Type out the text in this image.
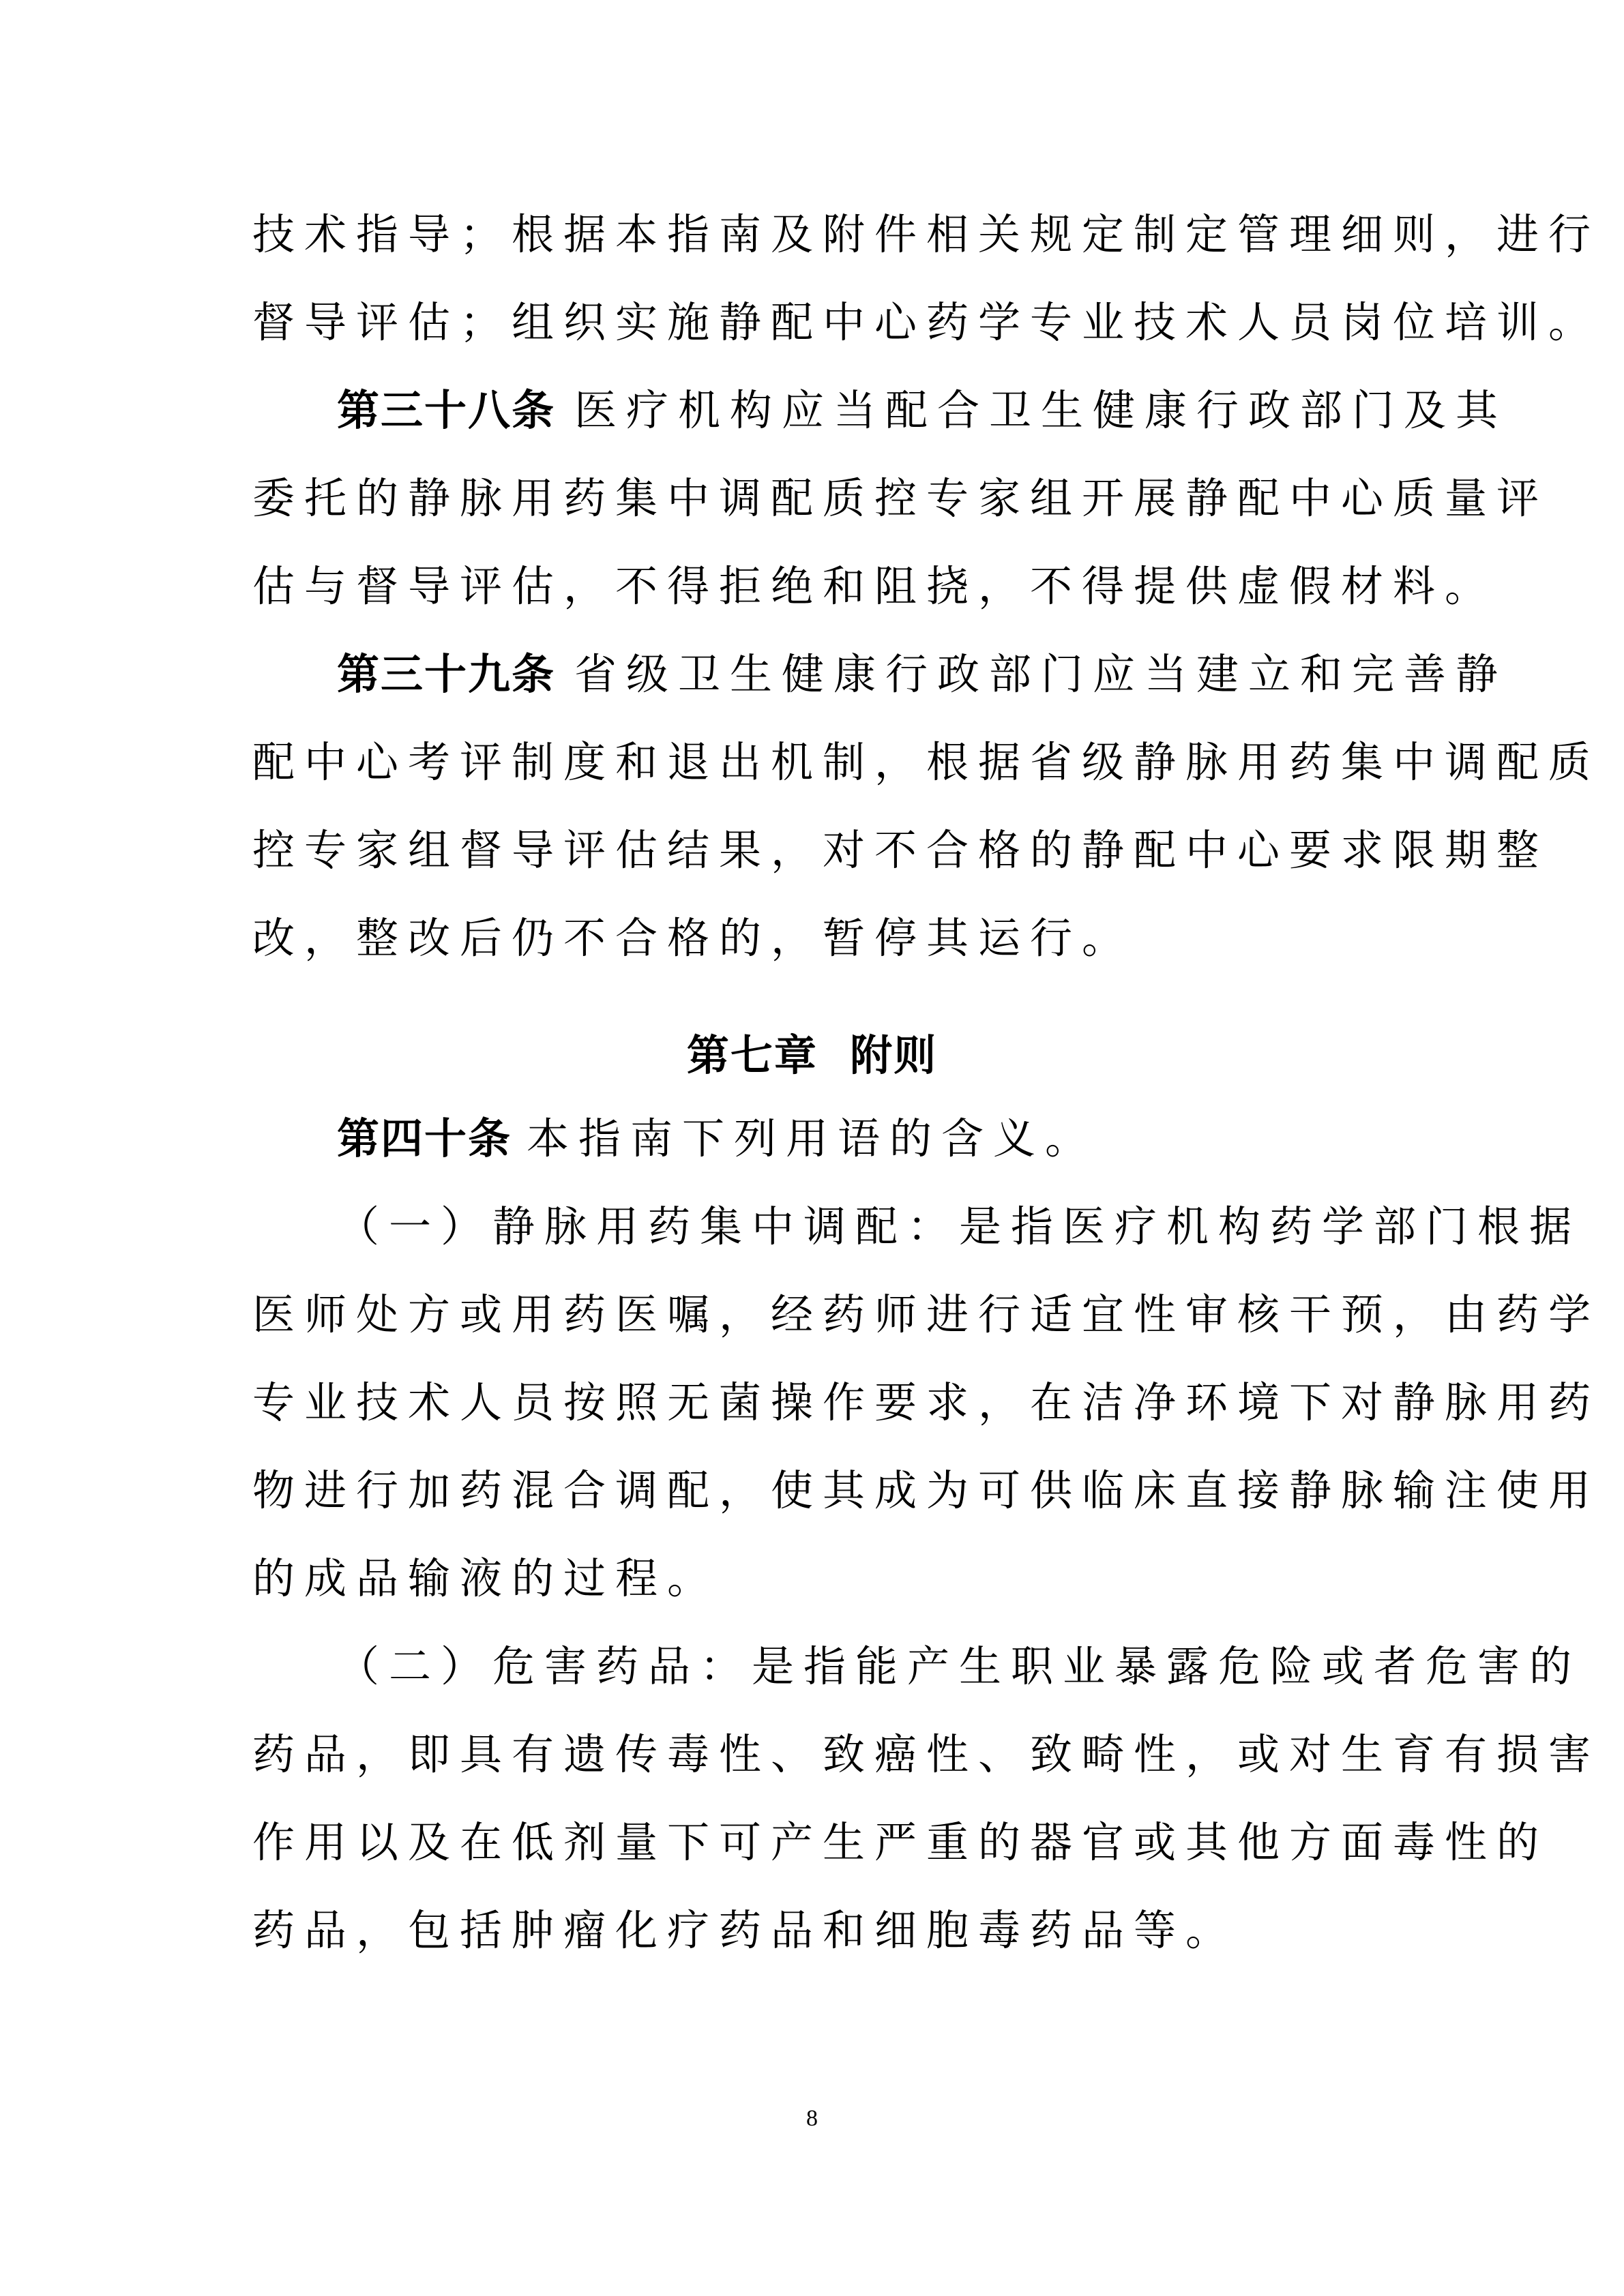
技术指导；根据本指南及附件相关规定制定管理细则，进行
督导评估；组织实施静配中心药学专业技术人员岗位培训。
第三十八条 医疗机构应当配合卫生健康行政部门及其
委托的静脉用药集中调配质控专家组开展静配中心质量评
估与督导评估，不得拒绝和阻挠，不得提供虚假材料。
第三十九条 省级卫生健康行政部门应当建立和完善静
配中心考评制度和退出机制，根据省级静脉用药集中调配质
控专家组督导评估结果，对不合格的静配中心要求限期整
改，整改后仍不合格的，暂停其运行。
第七章  附则
第四十条 本指南下列用语的含义。
（一）静脉用药集中调配：是指医疗机构药学部门根据
医师处方或用药医嘱，经药师进行适宜性审核干预，由药学
专业技术人员按照无菌操作要求，在洁净环境下对静脉用药
物进行加药混合调配，使其成为可供临床直接静脉输注使用
的成品输液的过程。
（二）危害药品：是指能产生职业暴露危险或者危害的
药品，即具有遗传毒性、致癌性、致畸性，或对生育有损害
作用以及在低剂量下可产生严重的器官或其他方面毒性的
药品，包括肿瘤化疗药品和细胞毒药品等。
8
